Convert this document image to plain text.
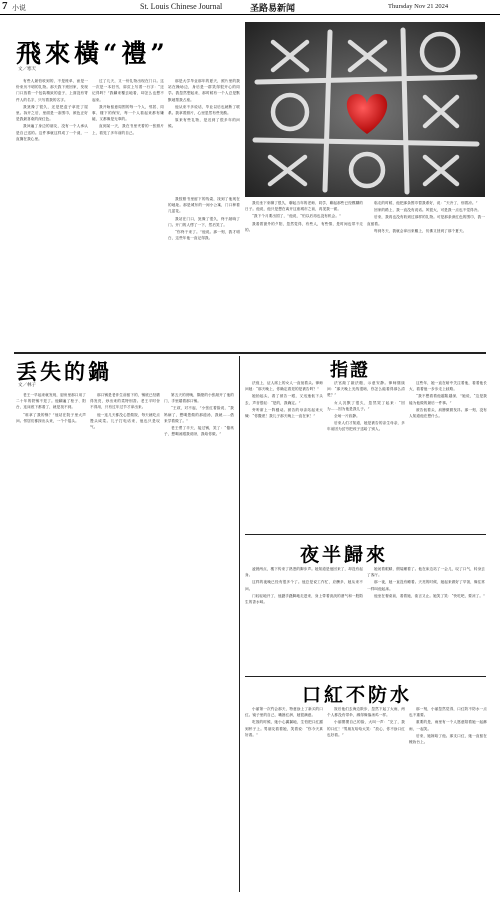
7 小说	St. Louis Chinese Journal	圣路易新闻	Thursday Nov 21 2024
飛來橫“禮”
文／寒天

有些人最怕收到的，不是账单，而是一份来历不明的礼物。那天我下班回家，发现门口放着一个包装精致的盒子，上面没有寄件人的名字，只写着我的名字。

我犹豫了很久，还是把盒子拿进了屋里。拆开之后，里面是一条围巾，颜色正好是我最喜欢的深红色。

我问遍了身边的朋友，没有一个人承认是自己送的。这件事就这样成了一个谜，一直搁在我心里。

过了几天，又一份礼物出现在门口。这一次是一本旧书，扉页上写着一行字：“还记得吗？”我翻来覆去地看，却怎么也想不起来。

我开始留意周围的每一个人，邻居、同事、楼下的保安，每一个人看起来都有嫌疑，又都像是无辜的。

直到某一天，我在书里夹着的一张照片上，看见了多年前的自己。

那是大学毕业那年的夏天，照片里的我站在操场边，身后是一群笑得很开心的同学。我忽然想起来，那时候有一个人总是默默地帮我占座。

他从来不多说话，毕业以后也就断了联系。我拿着照片，心里忽然有些发酸。

原来有些礼物，是迟到了很多年的问候。

我按照书里留下的线索，找到了他现在的地址。那是城东的一间小公寓，门口种着几盆花。

我站在门口，犹豫了很久，终于敲响了门。开门的人愣了一下，然后笑了。

“你终于来了。”他说。那一刻，我才明白，这些年他一直记得我。

我们坐下来聊了很久，聊起当年的老师、同学，聊起那些已经模糊的日子。他说，他只是想在离开这座城市之前，再见我一面。

“我下个月要出国了，”他说，“怕以后再也没有机会。”

我看着窗外的夕阳，忽然觉得，有些人，有些情，是时间也带不走的。

临走的时候，他把那条围巾替我系好，说：“天冷了，别着凉。”

回家的路上，我一直没有说话。风很大，可是我一点也不觉得冷。

后来，我再也没有收到过那样的礼物。可是那条深红色的围巾，我一直留着。

每到冬天，我就会拿出来戴上，仿佛又回到了那个夏天。

丢失的鍋
文／林子

老王一早起来就发现，厨房里那口用了二十年的铁锅不见了。他翻遍了柜子、阳台，连床底下都看了，就是找不到。

“谁拿了我的锅？”他站在院子里大声问。邻居们都探出头来，一个个摇头。

那口锅是老伴生前留下的，锅底已经磨得发亮，炒出来的菜特别香。老王平时舍不得用，只有过年过节才拿出来。

他一连几天都没心思做饭，每天就吃点馒头咸菜。儿子打电话来，他也只是叹气。

第五天的傍晚，隔壁的小张敲开了他的门，手里端着那口锅。

“王叔，对不起，”小张红着脸说，“我妈病了，想喝您做的那道汤，我就……借来学着做了。”

老王愣了半天，接过锅，笑了：“傻孩子，想喝汤跟我说呀，我给你做。”

指證

法庭上，证人席上的女人一直低着头。律师问她：“那天晚上，你确定看见的是被告吗？”

她抬起头，看了被告一眼，又迅速低下头去，声音很轻：“是的，我确定。”

旁听席上一阵骚动。被告的母亲站起来大喊：“你撒谎！我儿子那天晚上一直在家！”

法官敲了敲法槌，示意安静。律师继续问：“那天晚上光线很暗，你怎么能看得那么清楚？”

女人沉默了很久，忽然哭了起来：“因为……因为他是我儿子。”

全场一片寂静。

后来人们才知道，她是被告的亲生母亲，多年前因为贫穷把孩子送给了别人。

这些年，她一直在暗中关注着他，看着他长大，看着他一步步走上歧路。

“我不想看着他越陷越深，”她说，“这是我能为他做的最后一件事。”

被告低着头，肩膀微微发抖。那一刻，没有人知道他在想什么。

夜半歸來

凌晨两点，楼下传来了熟悉的脚步声。她知道是他回来了，却没有起身。

这样的夜晚已经有很多个了。他总是说工作忙，应酬多，她从来不问。

门轻轻地开了，他蹑手蹑脚地走进来，身上带着淡淡的酒气和一股陌生的香水味。

她闭着眼睛，假装睡着了。他在床边站了一会儿，叹了口气，转身去了客厅。

那一夜，她一直没有睡着。天亮的时候，她起来做好了早饭，像往常一样叫他起床。

他坐在餐桌前，看着她，欲言又止。她笑了笑：“快吃吧，要凉了。”

口紅不防水

小丽第一次约会那天，特意涂上了新买的口红。镜子里的自己，嘴唇红润，她很满意。

吃饭的时候，她小心翼翼地，生怕把口红蹭到杯子上。男朋友看着她，笑着说：“你今天真好看。”

饭后他们去海边散步，忽然下起了大雨，两个人都没有带伞，淋得像落汤鸡一样。

小丽摸摸自己的脸，大叫一声：“完了，我的口红！”男朋友哈哈大笑：“放心，你不涂口红也好看。”

那一刻，小丽忽然觉得，口红防不防水一点也不重要。

重要的是，雨里有一个人愿意陪着她一起淋雨，一起笑。

后来，她嫁给了他。那支口红，她一直留在梳妆台上。
